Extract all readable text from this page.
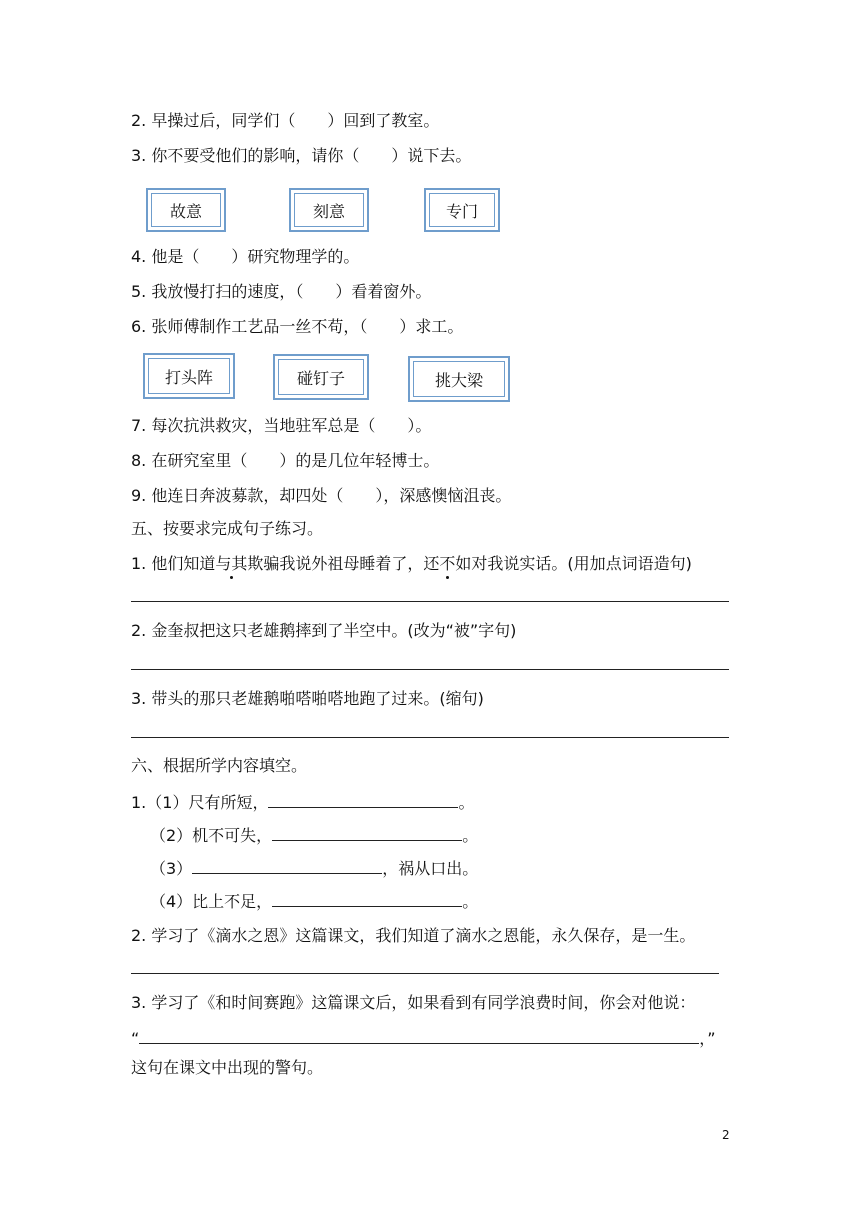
2. 早操过后，同学们（　　）回到了教室。
3. 你不要受他们的影响，请你（　　）说下去。
故意	刻意	专门
4. 他是（　　）研究物理学的。
5. 我放慢打扫的速度，（　　）看着窗外。
6. 张师傅制作工艺品一丝不苟，（　　）求工。
打头阵	碰钉子	挑大梁
7. 每次抗洪救灾，当地驻军总是（　　）。
8. 在研究室里（　　）的是几位年轻博士。
9. 他连日奔波募款，却四处（　　），深感懊恼沮丧。
五、按要求完成句子练习。
1. 他们知道与其欺骗我说外祖母睡着了，还不如对我说实话。(用加点词语造句)
2. 金奎叔把这只老雄鹅摔到了半空中。(改为“被”字句)
3. 带头的那只老雄鹅啪嗒啪嗒地跑了过来。(缩句)
六、根据所学内容填空。
1.（1）尺有所短，	。
（2）机不可失，	。
（3）	，祸从口出。
（4）比上不足，	。
2. 学习了《滴水之恩》这篇课文，我们知道了滴水之恩能，永久保存，是一生。
3. 学习了《和时间赛跑》这篇课文后，如果看到有同学浪费时间，你会对他说：
“	，”
这句在课文中出现的警句。
2
